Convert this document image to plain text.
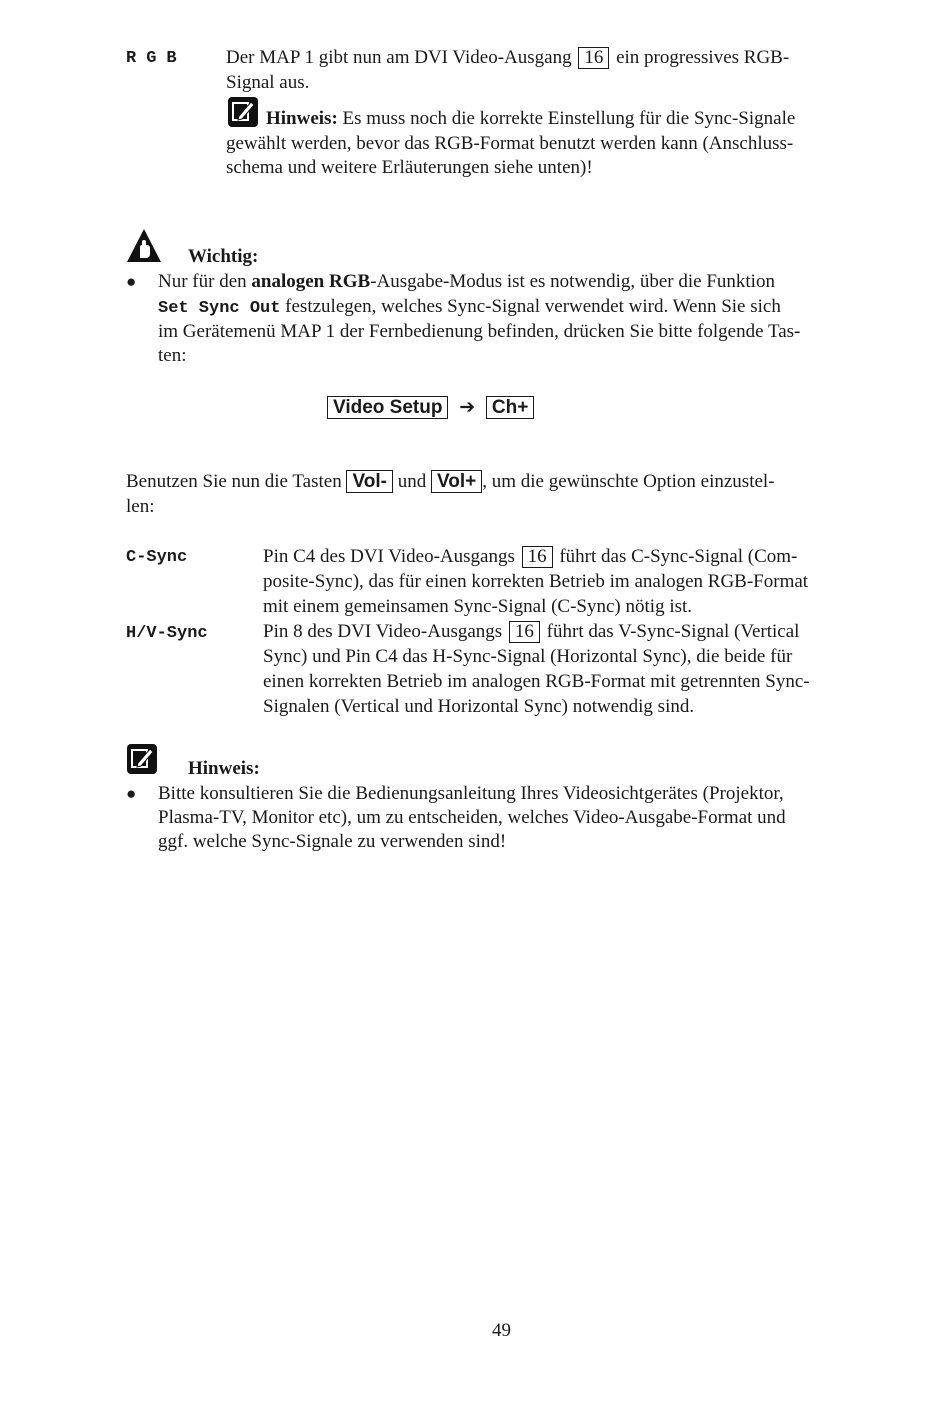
RGB Der MAP 1 gibt nun am DVI Video-Ausgang 16 ein progressives RGB-
Signal aus.
Hinweis: Es muss noch die korrekte Einstellung für die Sync-Signale
gewählt werden, bevor das RGB-Format benutzt werden kann (Anschluss-
schema und weitere Erläuterungen siehe unten)!
Wichtig:
● Nur für den analogen RGB-Ausgabe-Modus ist es notwendig, über die Funktion
Set Sync Out festzulegen, welches Sync-Signal verwendet wird. Wenn Sie sich
im Gerätemenü MAP 1 der Fernbedienung befinden, drücken Sie bitte folgende Tas-
ten:
Video Setup ➔ Ch+
Benutzen Sie nun die Tasten Vol- und Vol+ , um die gewünschte Option einzustel-
len:
C-Sync	Pin C4 des DVI Video-Ausgangs 16 führt das C-Sync-Signal (Com-
posite-Sync), das für einen korrekten Betrieb im analogen RGB-Format
mit einem gemeinsamen Sync-Signal (C-Sync) nötig ist.
H/V-Sync	Pin 8 des DVI Video-Ausgangs 16 führt das V-Sync-Signal (Vertical
Sync) und Pin C4 das H-Sync-Signal (Horizontal Sync), die beide für
einen korrekten Betrieb im analogen RGB-Format mit getrennten Sync-
Signalen (Vertical und Horizontal Sync) notwendig sind.
Hinweis:
● Bitte konsultieren Sie die Bedienungsanleitung Ihres Videosichtgerätes (Projektor,
Plasma-TV, Monitor etc), um zu entscheiden, welches Video-Ausgabe-Format und
ggf. welche Sync-Signale zu verwenden sind!
49
